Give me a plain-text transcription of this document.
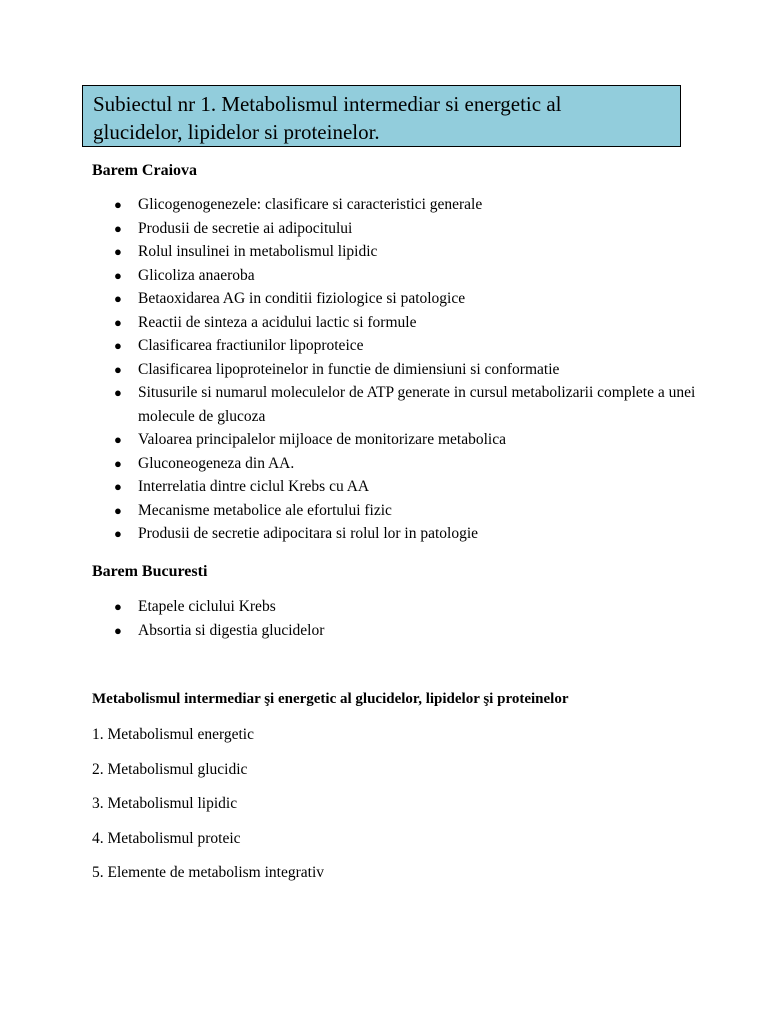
Subiectul nr 1. Metabolismul intermediar si energetic al
glucidelor, lipidelor si proteinelor.
Barem Craiova
● Glicogenogenezele: clasificare si caracteristici generale
● Produsii de secretie ai adipocitului
● Rolul insulinei in metabolismul lipidic
● Glicoliza anaeroba
● Betaoxidarea AG in conditii fiziologice si patologice
● Reactii de sinteza a acidului lactic si formule
● Clasificarea fractiunilor lipoproteice
● Clasificarea lipoproteinelor in functie de dimiensiuni si conformatie
● Situsurile si numarul moleculelor de ATP generate in cursul metabolizarii complete a unei molecule de glucoza
● Valoarea principalelor mijloace de monitorizare metabolica
● Gluconeogeneza din AA.
● Interrelatia dintre ciclul Krebs cu AA
● Mecanisme metabolice ale efortului fizic
● Produsii de secretie adipocitara si rolul lor in patologie
Barem Bucuresti
● Etapele ciclului Krebs
● Absortia si digestia glucidelor
Metabolismul intermediar şi energetic al glucidelor, lipidelor şi proteinelor
1. Metabolismul energetic
2. Metabolismul glucidic
3. Metabolismul lipidic
4. Metabolismul proteic
5. Elemente de metabolism integrativ
